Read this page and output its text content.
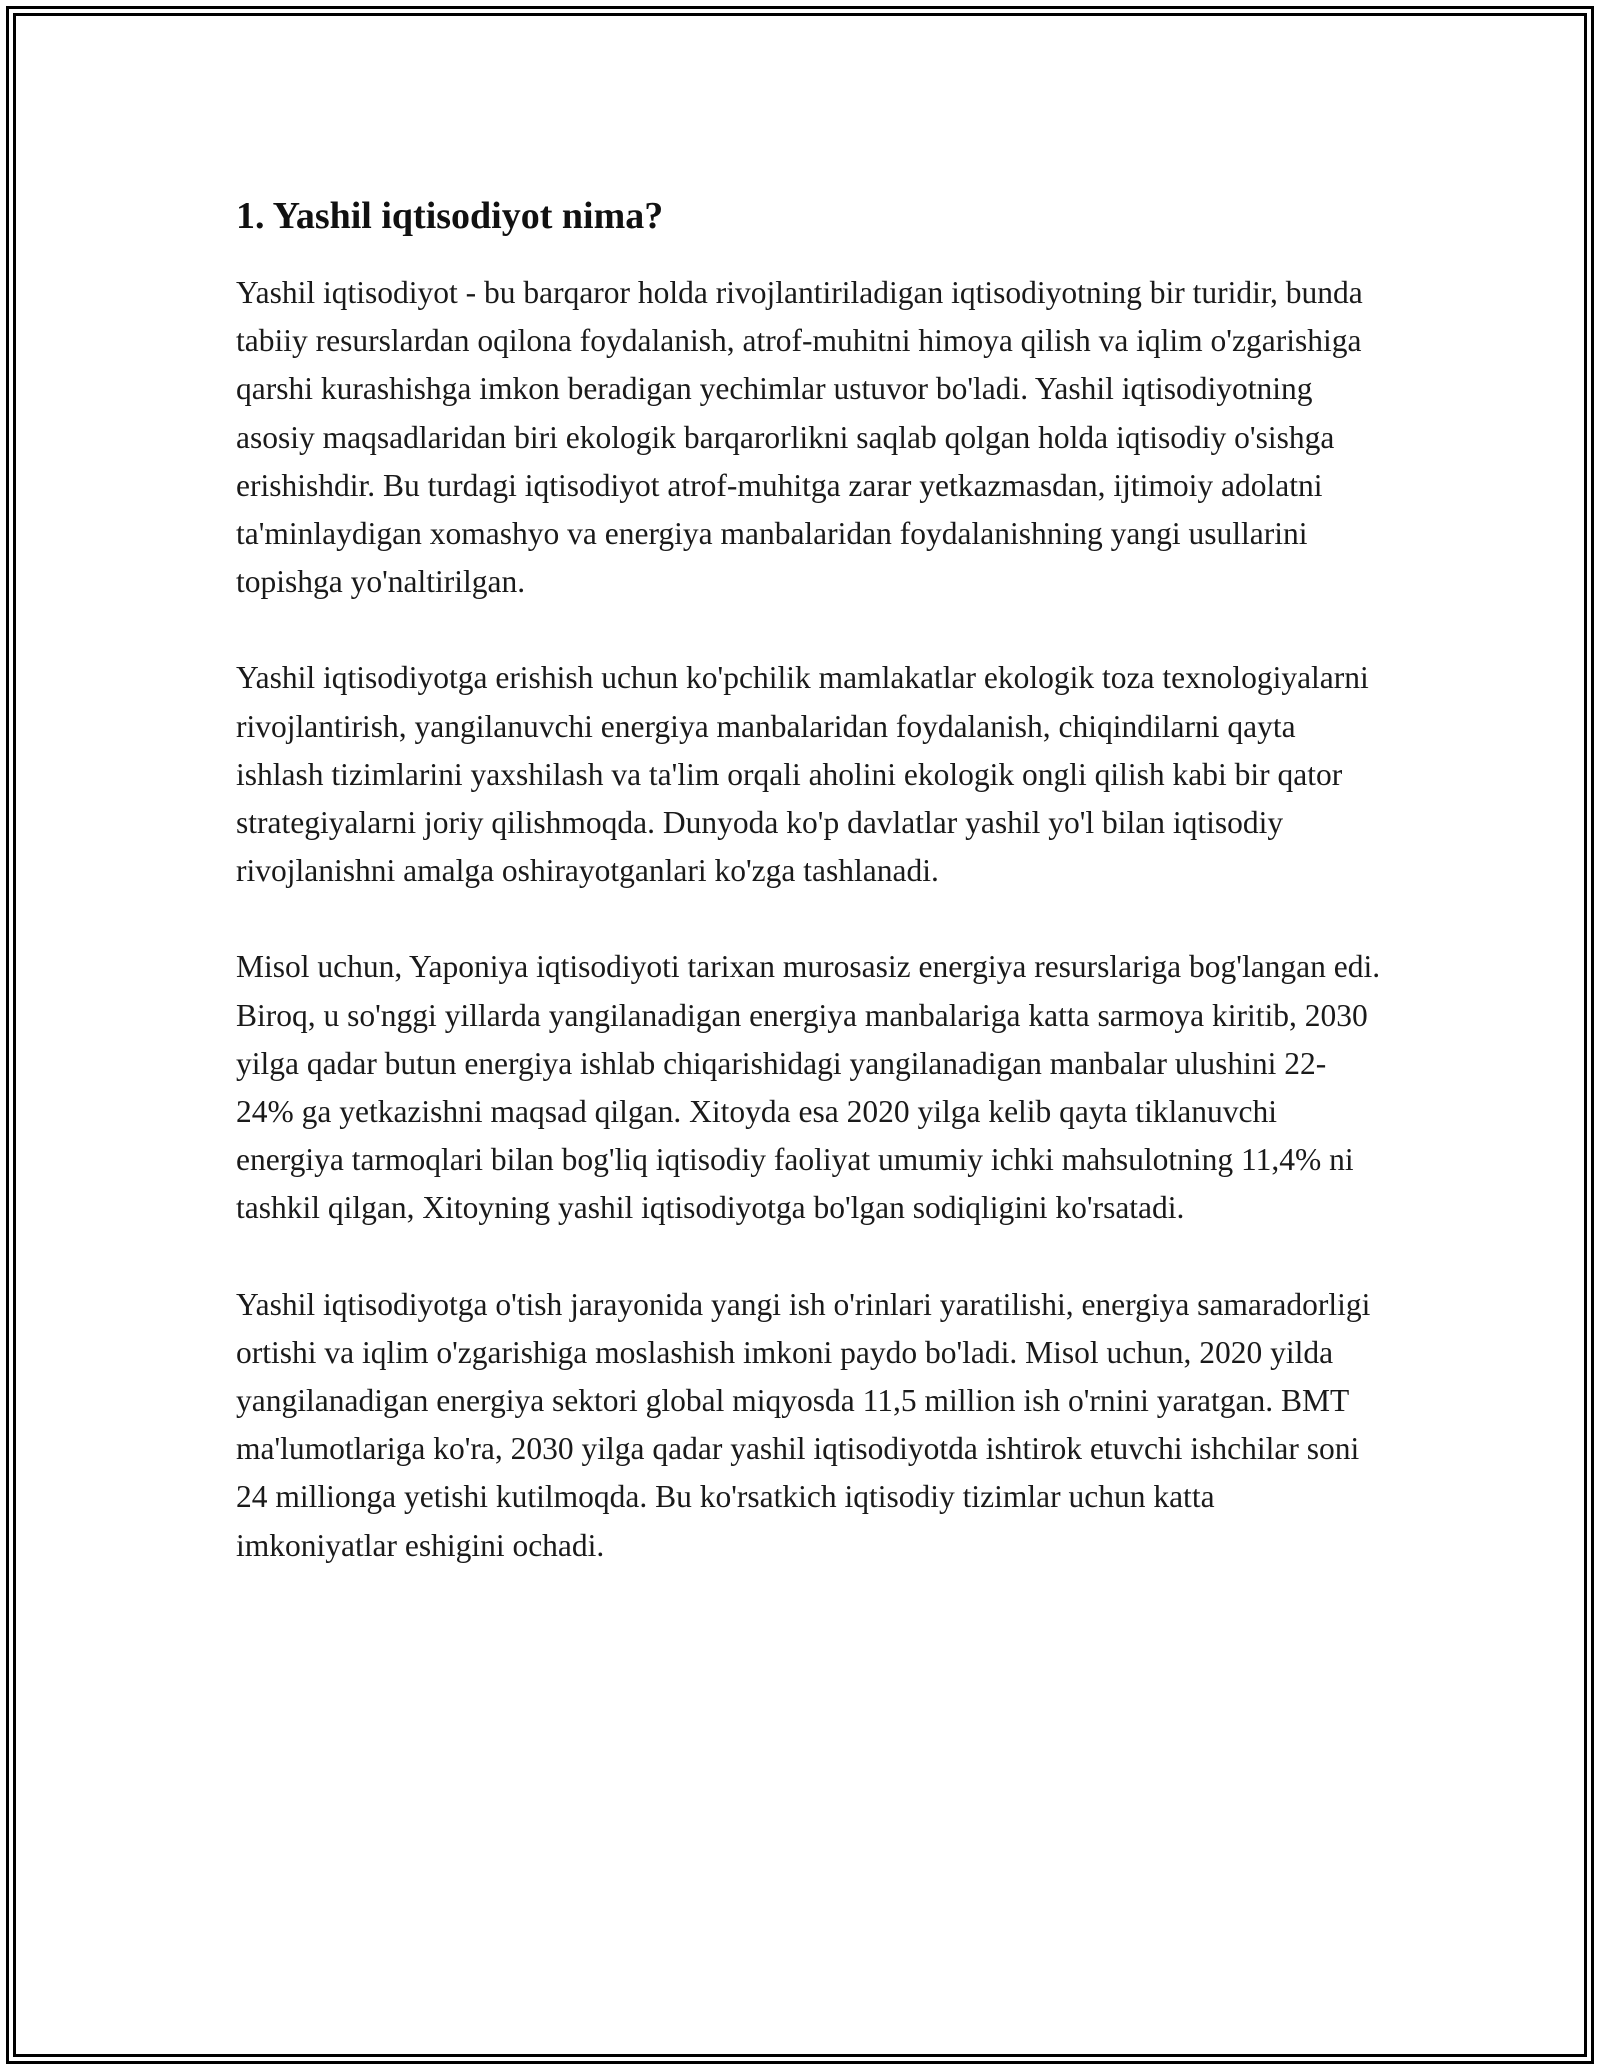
1. Yashil iqtisodiyot nima?

Yashil iqtisodiyot - bu barqaror holda rivojlantiriladigan iqtisodiyotning bir turidir, bunda tabiiy resurslardan oqilona foydalanish, atrof-muhitni himoya qilish va iqlim o'zgarishiga qarshi kurashishga imkon beradigan yechimlar ustuvor bo'ladi. Yashil iqtisodiyotning asosiy maqsadlaridan biri ekologik barqarorlikni saqlab qolgan holda iqtisodiy o'sishga erishishdir. Bu turdagi iqtisodiyot atrof-muhitga zarar yetkazmasdan, ijtimoiy adolatni ta'minlaydigan xomashyo va energiya manbalaridan foydalanishning yangi usullarini topishga yo'naltirilgan.

Yashil iqtisodiyotga erishish uchun ko'pchilik mamlakatlar ekologik toza texnologiyalarni rivojlantirish, yangilanuvchi energiya manbalaridan foydalanish, chiqindilarni qayta ishlash tizimlarini yaxshilash va ta'lim orqali aholini ekologik ongli qilish kabi bir qator strategiyalarni joriy qilishmoqda. Dunyoda ko'p davlatlar yashil yo'l bilan iqtisodiy rivojlanishni amalga oshirayotganlari ko'zga tashlanadi.

Misol uchun, Yaponiya iqtisodiyoti tarixan murosasiz energiya resurslariga bog'langan edi. Biroq, u so'nggi yillarda yangilanadigan energiya manbalariga katta sarmoya kiritib, 2030 yilga qadar butun energiya ishlab chiqarishidagi yangilanadigan manbalar ulushini 22-24% ga yetkazishni maqsad qilgan. Xitoyda esa 2020 yilga kelib qayta tiklanuvchi energiya tarmoqlari bilan bog'liq iqtisodiy faoliyat umumiy ichki mahsulotning 11,4% ni tashkil qilgan, Xitoyning yashil iqtisodiyotga bo'lgan sodiqligini ko'rsatadi.

Yashil iqtisodiyotga o'tish jarayonida yangi ish o'rinlari yaratilishi, energiya samaradorligi ortishi va iqlim o'zgarishiga moslashish imkoni paydo bo'ladi. Misol uchun, 2020 yilda yangilanadigan energiya sektori global miqyosda 11,5 million ish o'rnini yaratgan. BMT ma'lumotlariga ko'ra, 2030 yilga qadar yashil iqtisodiyotda ishtirok etuvchi ishchilar soni 24 millionga yetishi kutilmoqda. Bu ko'rsatkich iqtisodiy tizimlar uchun katta imkoniyatlar eshigini ochadi.
